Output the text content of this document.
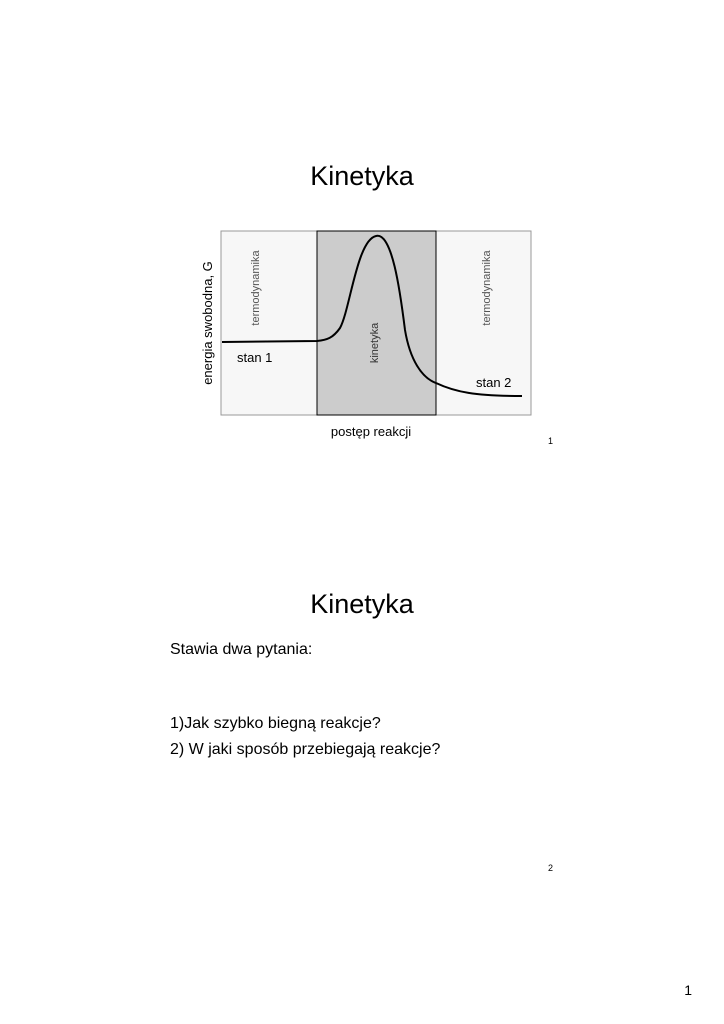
Kinetyka
energia swobodna, G	termodynamika
kinetyka
termodynamika
stan 1
stan 2
postęp reakcji
1
Kinetyka
Stawia dwa pytania:
1)Jak szybko biegną reakcje?
2) W jaki sposób przebiegają reakcje?
2
1
